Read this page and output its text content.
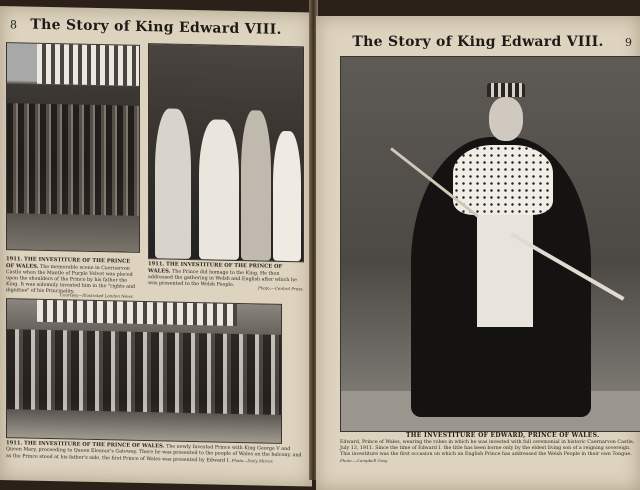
8 The Story of King Edward VIII.
1911. THE INVESTITURE OF THE PRINCE OF WALES. The memorable scene in Caernarvon Castle when the Mantle of Purple Velvet was placed upon the shoulders of the Prince by his father the King. It was solemnly invested him in the "rights and dignities" of his Principality.
Courtesy—Illustrated London News.
1911. THE INVESTITURE OF THE PRINCE OF WALES. The Prince did homage to the King. He then addressed the gathering in Welsh and English after which he was presented to the Welsh People.
Photo.—Central Press.
1911. THE INVESTITURE OF THE PRINCE OF WALES. The newly Invested Prince with King George V and Queen Mary, proceeding to Queen Eleanor's Gateway. There he was presented to the people of Wales on the balcony, and as the Prince stood at his father's side, the first Prince of Wales was presented by Edward I. Photo—Daily Mirror.
The Story of King Edward VIII.	9
THE INVESTITURE OF EDWARD, PRINCE OF WALES.
Edward, Prince of Wales, wearing the robes in which he was invested with full ceremonial in historic Caernarvon Castle, July 13, 1911. Since the time of Edward I. the title has been borne only by the eldest living son of a reigning sovereign. This investiture was the first occasion on which an English Prince has addressed the Welsh People in their own Tongue. Photo.—Campbell Gray.
